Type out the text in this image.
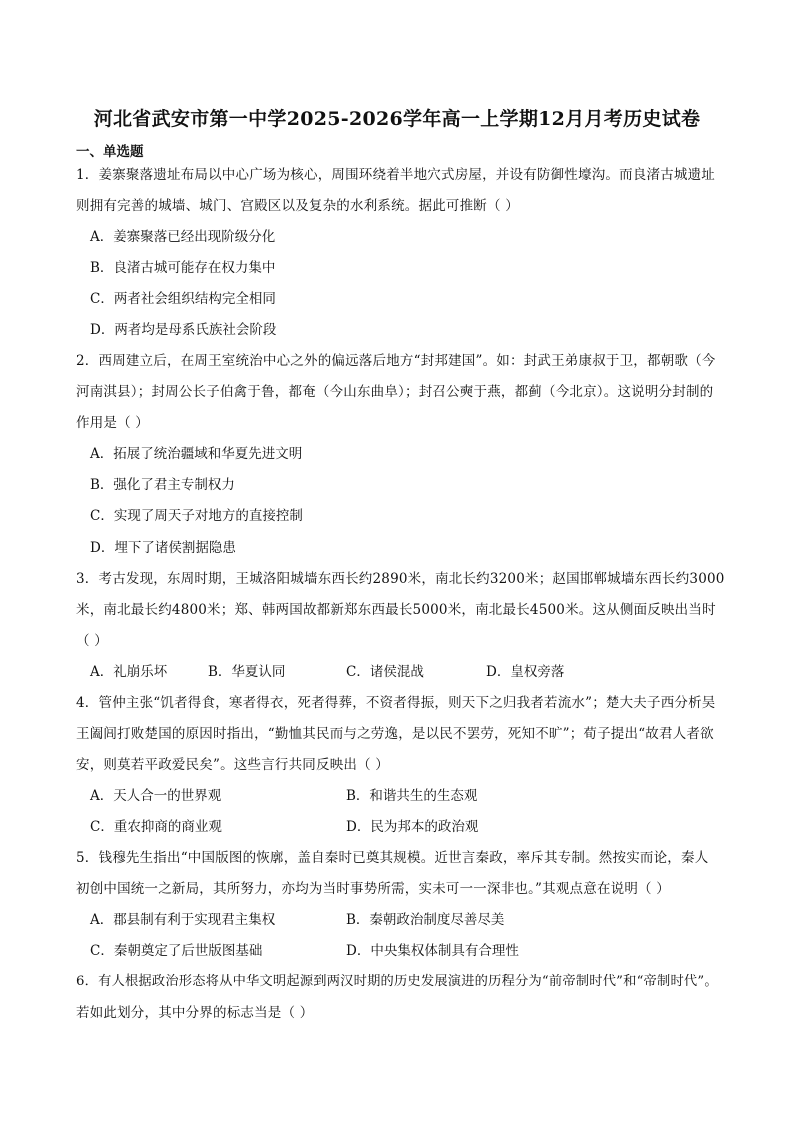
河北省武安市第一中学2025-2026学年高一上学期12月月考历史试卷
一、单选题
1．姜寨聚落遗址布局以中心广场为核心，周围环绕着半地穴式房屋，并设有防御性壕沟。而良渚古城遗址
则拥有完善的城墙、城门、宫殿区以及复杂的水利系统。据此可推断（ ）
A．姜寨聚落已经出现阶级分化
B．良渚古城可能存在权力集中
C．两者社会组织结构完全相同
D．两者均是母系氏族社会阶段
2．西周建立后，在周王室统治中心之外的偏远落后地方“封邦建国”。如：封武王弟康叔于卫，都朝歌（今
河南淇县）；封周公长子伯禽于鲁，都奄（今山东曲阜）；封召公奭于燕，都蓟（今北京）。这说明分封制的
作用是（ ）
A．拓展了统治疆域和华夏先进文明
B．强化了君主专制权力
C．实现了周天子对地方的直接控制
D．埋下了诸侯割据隐患
3．考古发现，东周时期，王城洛阳城墙东西长约2890米，南北长约3200米；赵国邯郸城墙东西长约3000
米，南北最长约4800米；郑、韩两国故都新郑东西最长5000米，南北最长4500米。这从侧面反映出当时
（ ）
A．礼崩乐坏	B．华夏认同	C．诸侯混战	D．皇权旁落
4．管仲主张“饥者得食，寒者得衣，死者得葬，不资者得振，则天下之归我者若流水”；楚大夫子西分析吴
王阖闾打败楚国的原因时指出，“勤恤其民而与之劳逸，是以民不罢劳，死知不旷”；荀子提出“故君人者欲
安，则莫若平政爱民矣”。这些言行共同反映出（ ）
A．天人合一的世界观	B．和谐共生的生态观
C．重农抑商的商业观	D．民为邦本的政治观
5．钱穆先生指出“中国版图的恢廓，盖自秦时已奠其规模。近世言秦政，率斥其专制。然按实而论，秦人
初创中国统一之新局，其所努力，亦均为当时事势所需，实未可一一深非也。”其观点意在说明（ ）
A．郡县制有利于实现君主集权	B．秦朝政治制度尽善尽美
C．秦朝奠定了后世版图基础	D．中央集权体制具有合理性
6．有人根据政治形态将从中华文明起源到两汉时期的历史发展演进的历程分为“前帝制时代”和“帝制时代”。
若如此划分，其中分界的标志当是（ ）
